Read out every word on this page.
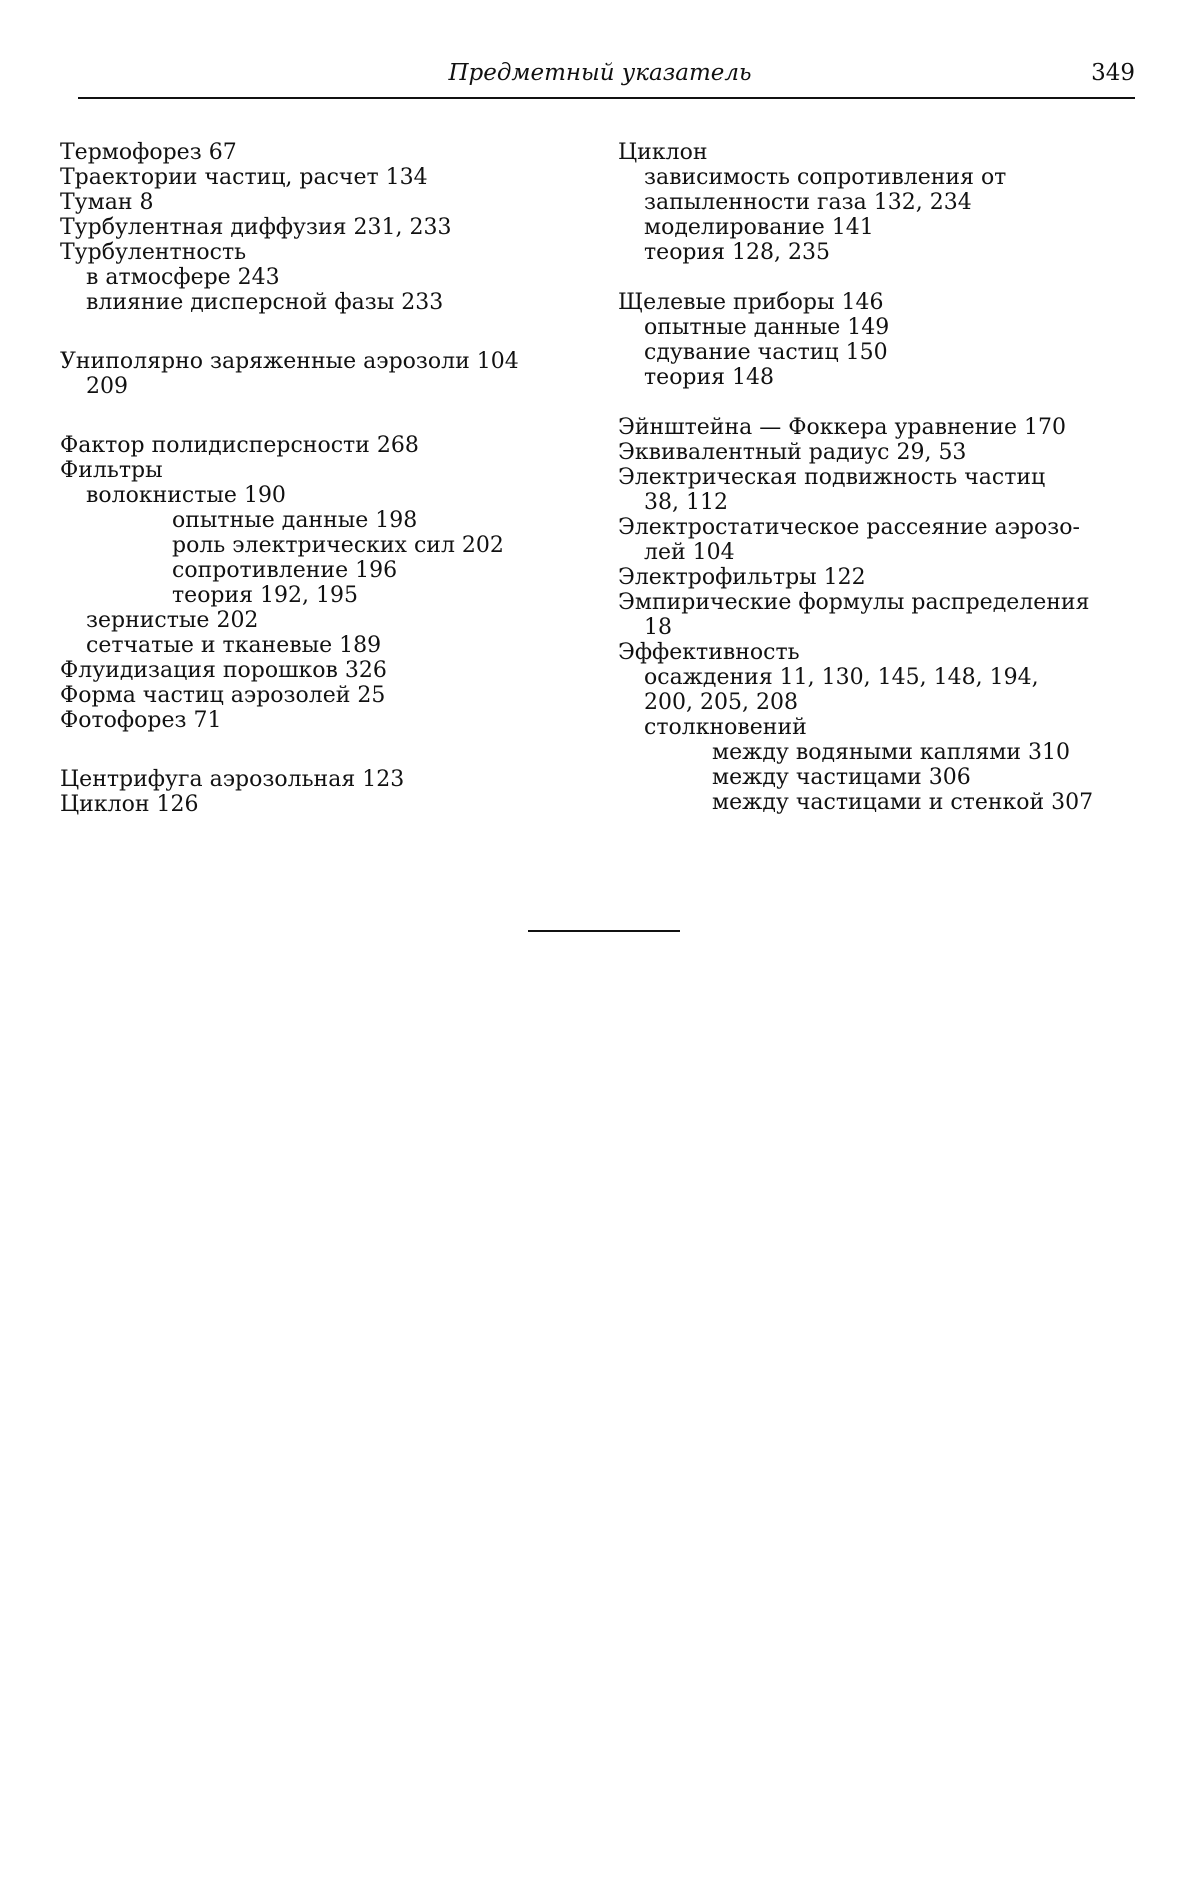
Предметный указатель	349

Термофорез 67

Траектории частиц, расчет 134

Туман 8

Турбулентная диффузия 231, 233

Турбулентность

в атмосфере 243

влияние дисперсной фазы 233

Униполярно заряженные аэрозоли 104

209

Фактор полидисперсности 268

Фильтры

волокнистые 190

опытные данные 198

роль электрических сил 202

сопротивление 196

теория 192, 195

зернистые 202

сетчатые и тканевые 189

Флуидизация порошков 326

Форма частиц аэрозолей 25

Фотофорез 71

Центрифуга аэрозольная 123

Циклон 126

Циклон

зависимость сопротивления от

запыленности газа 132, 234

моделирование 141

теория 128, 235

Щелевые приборы 146

опытные данные 149

сдувание частиц 150

теория 148

Эйнштейна — Фоккера уравнение 170

Эквивалентный радиус 29, 53

Электрическая подвижность частиц

38, 112

Электростатическое рассеяние аэрозо-

лей 104

Электрофильтры 122

Эмпирические формулы распределения

18

Эффективность

осаждения 11, 130, 145, 148, 194,

200, 205, 208

столкновений

между водяными каплями 310

между частицами 306

между частицами и стенкой 307
